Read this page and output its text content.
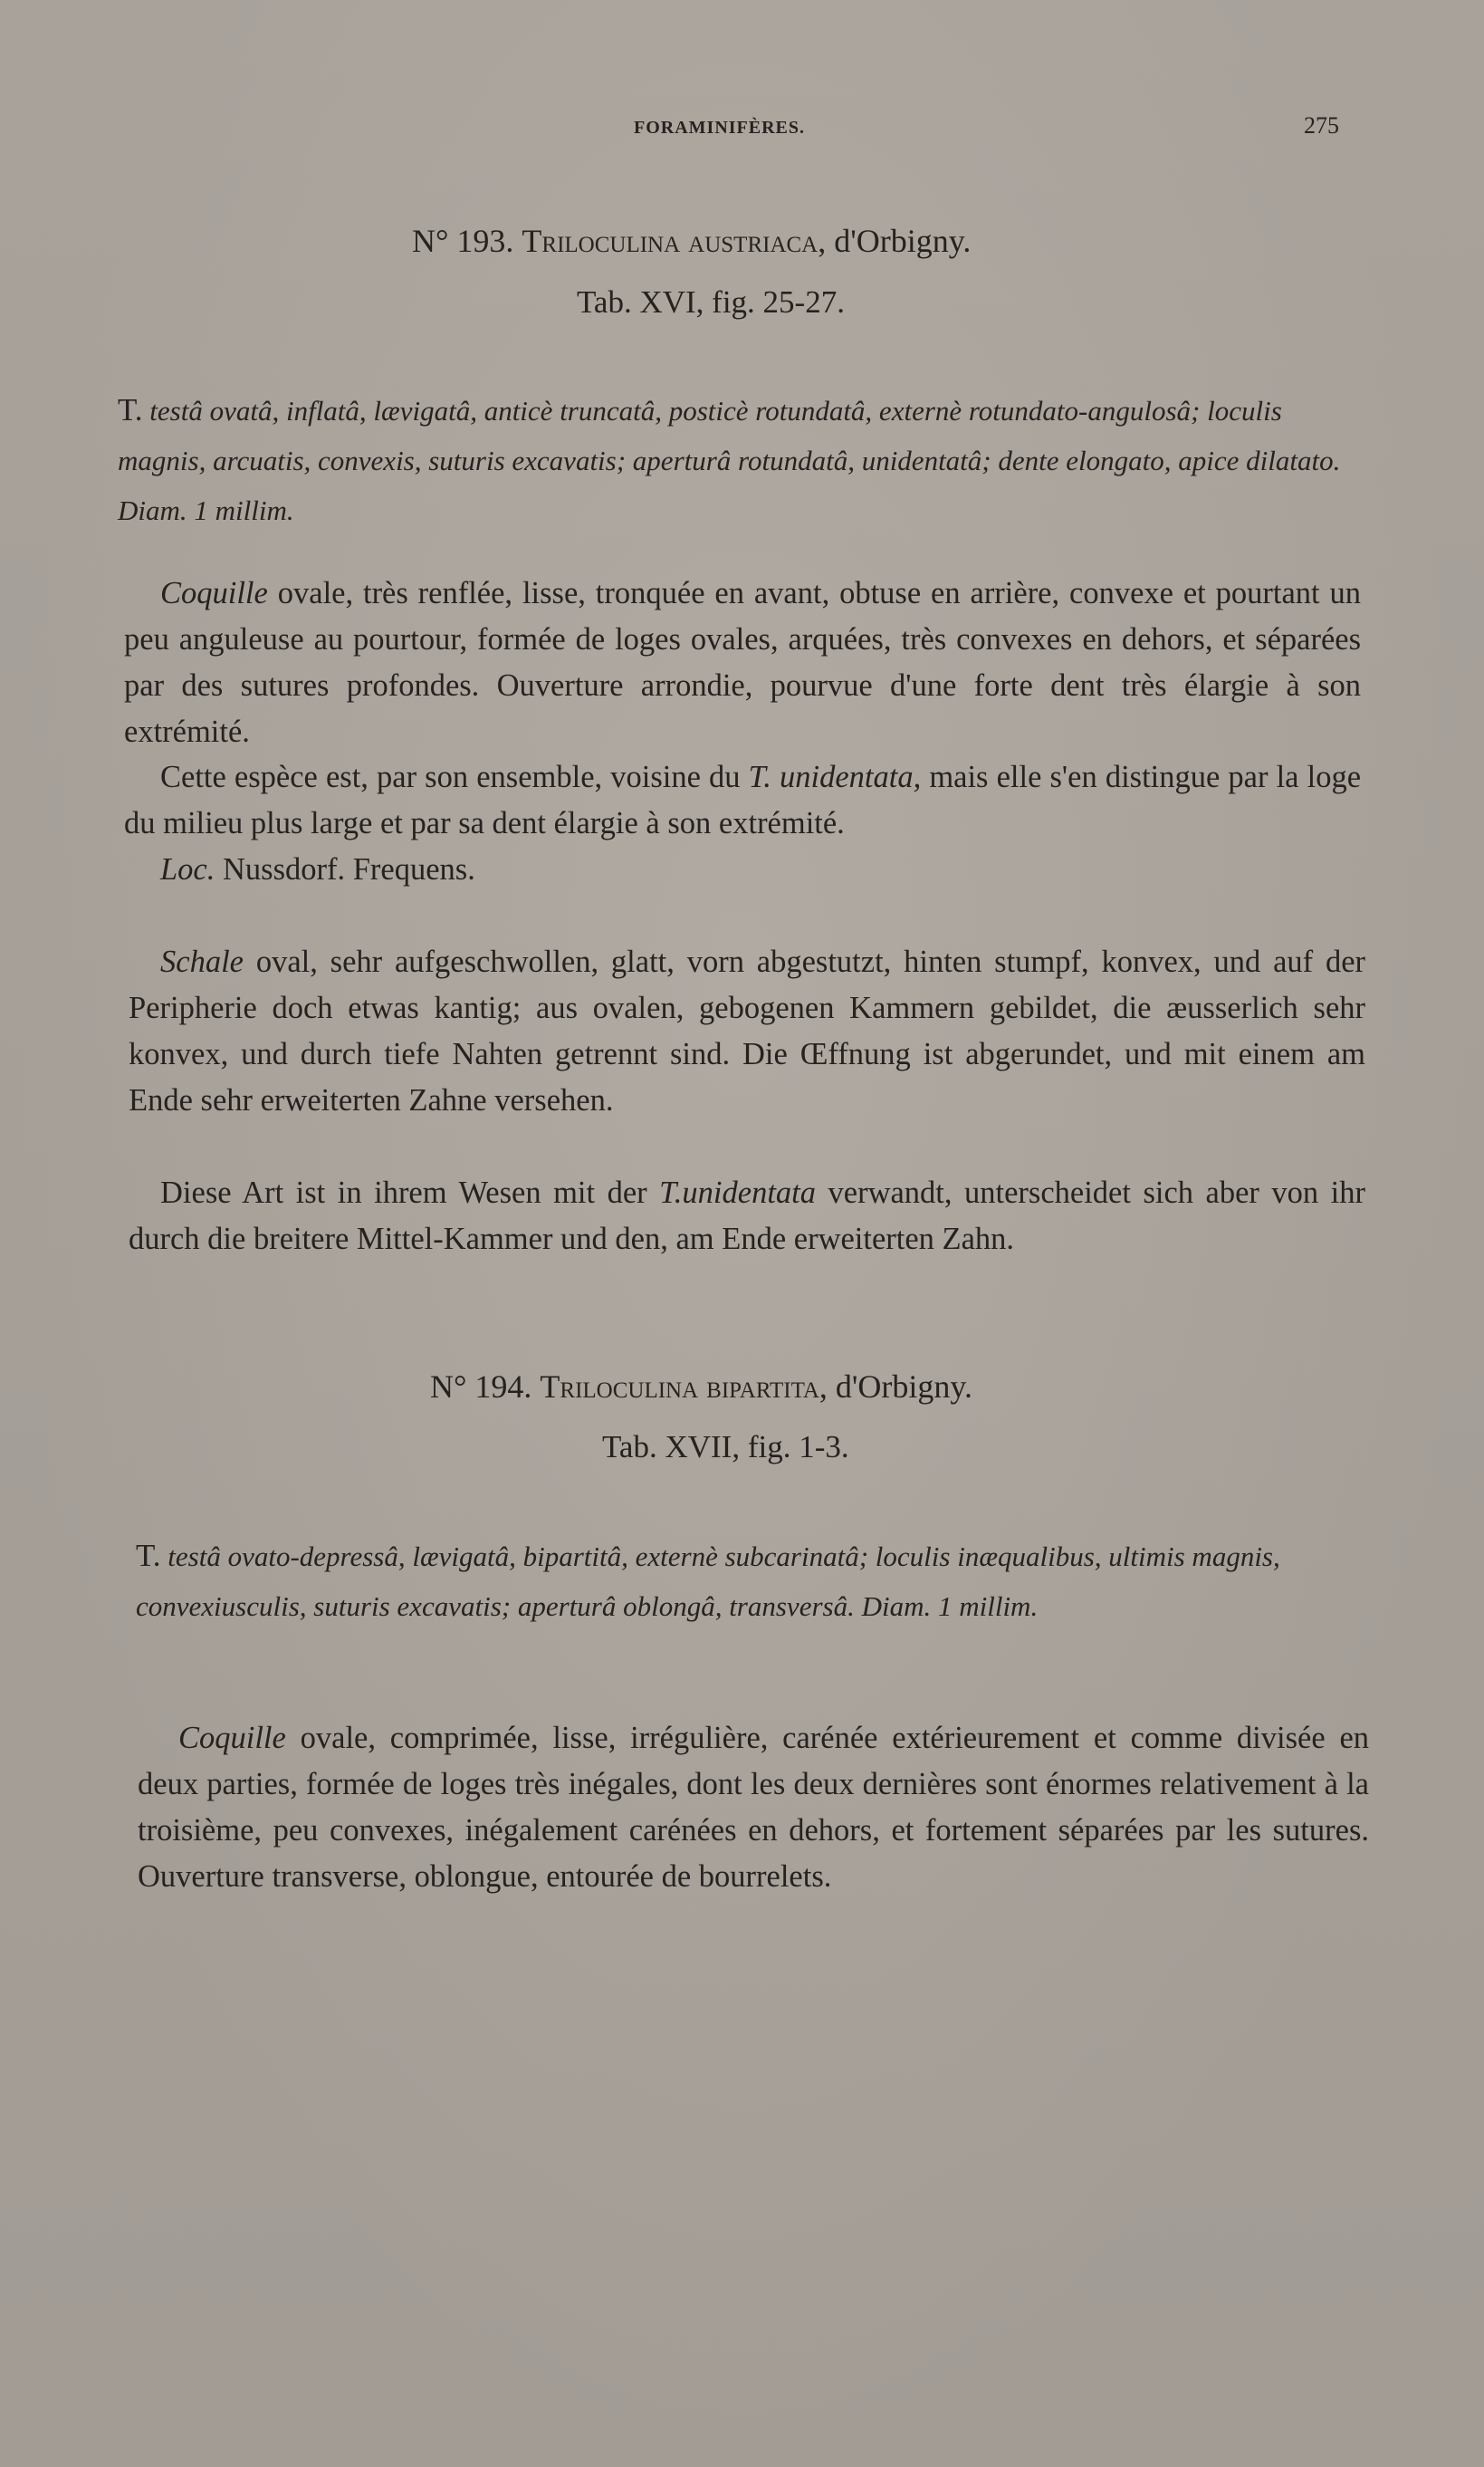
FORAMINIFÈRES.	275
N° 193. Triloculina austriaca, d'Orbigny.
Tab. XVI, fig. 25-27.
T. testâ ovatâ, inflatâ, lævigatâ, anticè truncatâ, posticè rotundatâ, externè rotundato-angulosâ; loculis magnis, arcuatis, convexis, suturis excavatis; aperturâ rotundatâ, unidentatâ; dente elongato, apice dilatato. Diam. 1 millim.
Coquille ovale, très renflée, lisse, tronquée en avant, obtuse en arrière, convexe et pourtant un peu anguleuse au pourtour, formée de loges ovales, arquées, très convexes en dehors, et séparées par des sutures profondes. Ouverture arrondie, pourvue d'une forte dent très élargie à son extrémité.
Cette espèce est, par son ensemble, voisine du T. unidentata, mais elle s'en distingue par la loge du milieu plus large et par sa dent élargie à son extrémité.
Loc. Nussdorf. Frequens.
Schale oval, sehr aufgeschwollen, glatt, vorn abgestutzt, hinten stumpf, konvex, und auf der Peripherie doch etwas kantig; aus ovalen, gebogenen Kammern gebildet, die æusserlich sehr konvex, und durch tiefe Nahten getrennt sind. Die Œffnung ist abgerundet, und mit einem am Ende sehr erweiterten Zahne versehen.
Diese Art ist in ihrem Wesen mit der T.unidentata verwandt, unterscheidet sich aber von ihr durch die breitere Mittel-Kammer und den, am Ende erweiterten Zahn.
N° 194. Triloculina bipartita, d'Orbigny.
Tab. XVII, fig. 1-3.
T. testâ ovato-depressâ, lævigatâ, bipartitâ, externè subcarinatâ; loculis inæqualibus, ultimis magnis, convexiusculis, suturis excavatis; aperturâ oblongâ, transversâ. Diam. 1 millim.
Coquille ovale, comprimée, lisse, irrégulière, carénée extérieurement et comme divisée en deux parties, formée de loges très inégales, dont les deux dernières sont énormes relativement à la troisième, peu convexes, inégalement carénées en dehors, et fortement séparées par les sutures. Ouverture transverse, oblongue, entourée de bourrelets.
